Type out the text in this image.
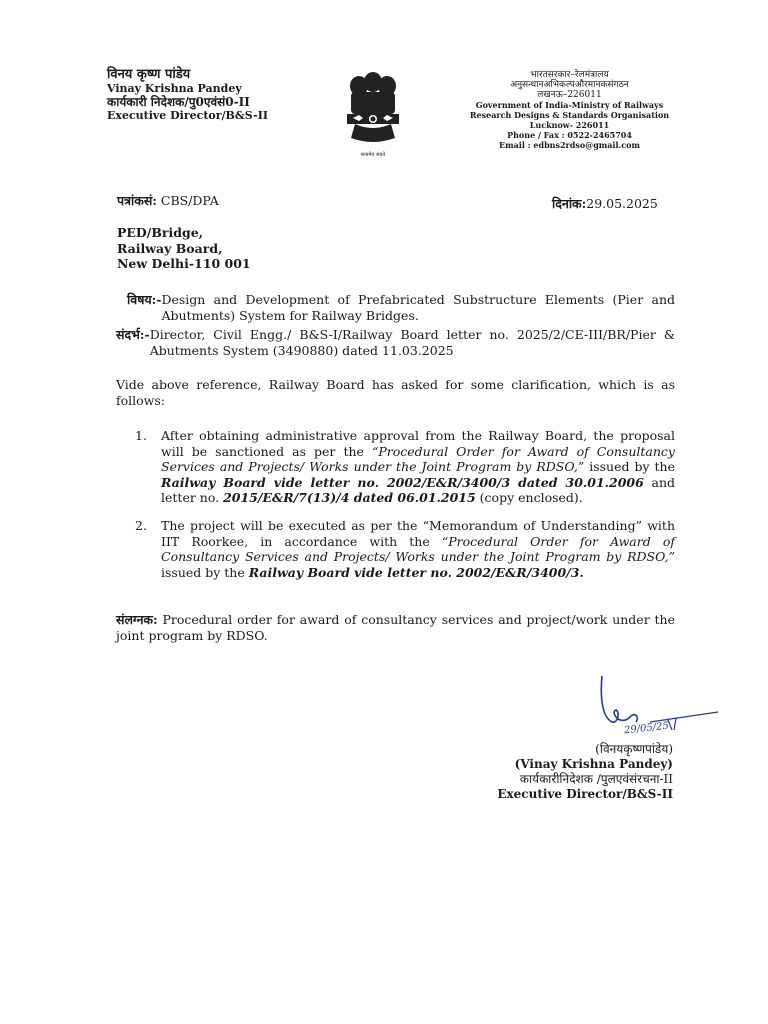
विनय कृष्ण पांडेय
Vinay Krishna Pandey
कार्यकारी निदेशक/पु0एवंसं0-II
Executive Director/B&S-II
सत्यमेव जयते
भारतसरकार–रेलमंत्रालय
अनुसन्धानअभिकल्पऔरमानकसंगठन
लखनऊ–226011
Government of India-Ministry of Railways
Research Designs & Standards Organisation
Lucknow- 226011
Phone / Fax : 0522-2465704
Email : edbns2rdso@gmail.com
पत्रांकसं: CBS/DPA	दिनांक:29.05.2025
PED/Bridge,
Railway Board,
New Delhi-110 001
विषय:- Design and Development of Prefabricated Substructure Elements (Pier and Abutments) System for Railway Bridges.
संदर्भ:- Director, Civil Engg./ B&S-I/Railway Board letter no. 2025/2/CE-III/BR/Pier & Abutments System (3490880) dated 11.03.2025
Vide above reference, Railway Board has asked for some clarification, which is as follows:
1.	After obtaining administrative approval from the Railway Board, the proposal will be sanctioned as per the “Procedural Order for Award of Consultancy Services and Projects/ Works under the Joint Program by RDSO,” issued by the Railway Board vide letter no. 2002/E&R/3400/3 dated 30.01.2006 and letter no. 2015/E&R/7(13)/4 dated 06.01.2015 (copy enclosed).
2.	The project will be executed as per the “Memorandum of Understanding” with IIT Roorkee, in accordance with the “Procedural Order for Award of Consultancy Services and Projects/ Works under the Joint Program by RDSO,” issued by the Railway Board vide letter no. 2002/E&R/3400/3.
संलग्नक: Procedural order for award of consultancy services and project/work under the joint program by RDSO.
29/05/25
(विनयकृष्णपांडेय)
(Vinay Krishna Pandey)
कार्यकारीनिदेशक /पुलएवंसंरचना-II
Executive Director/B&S-II
